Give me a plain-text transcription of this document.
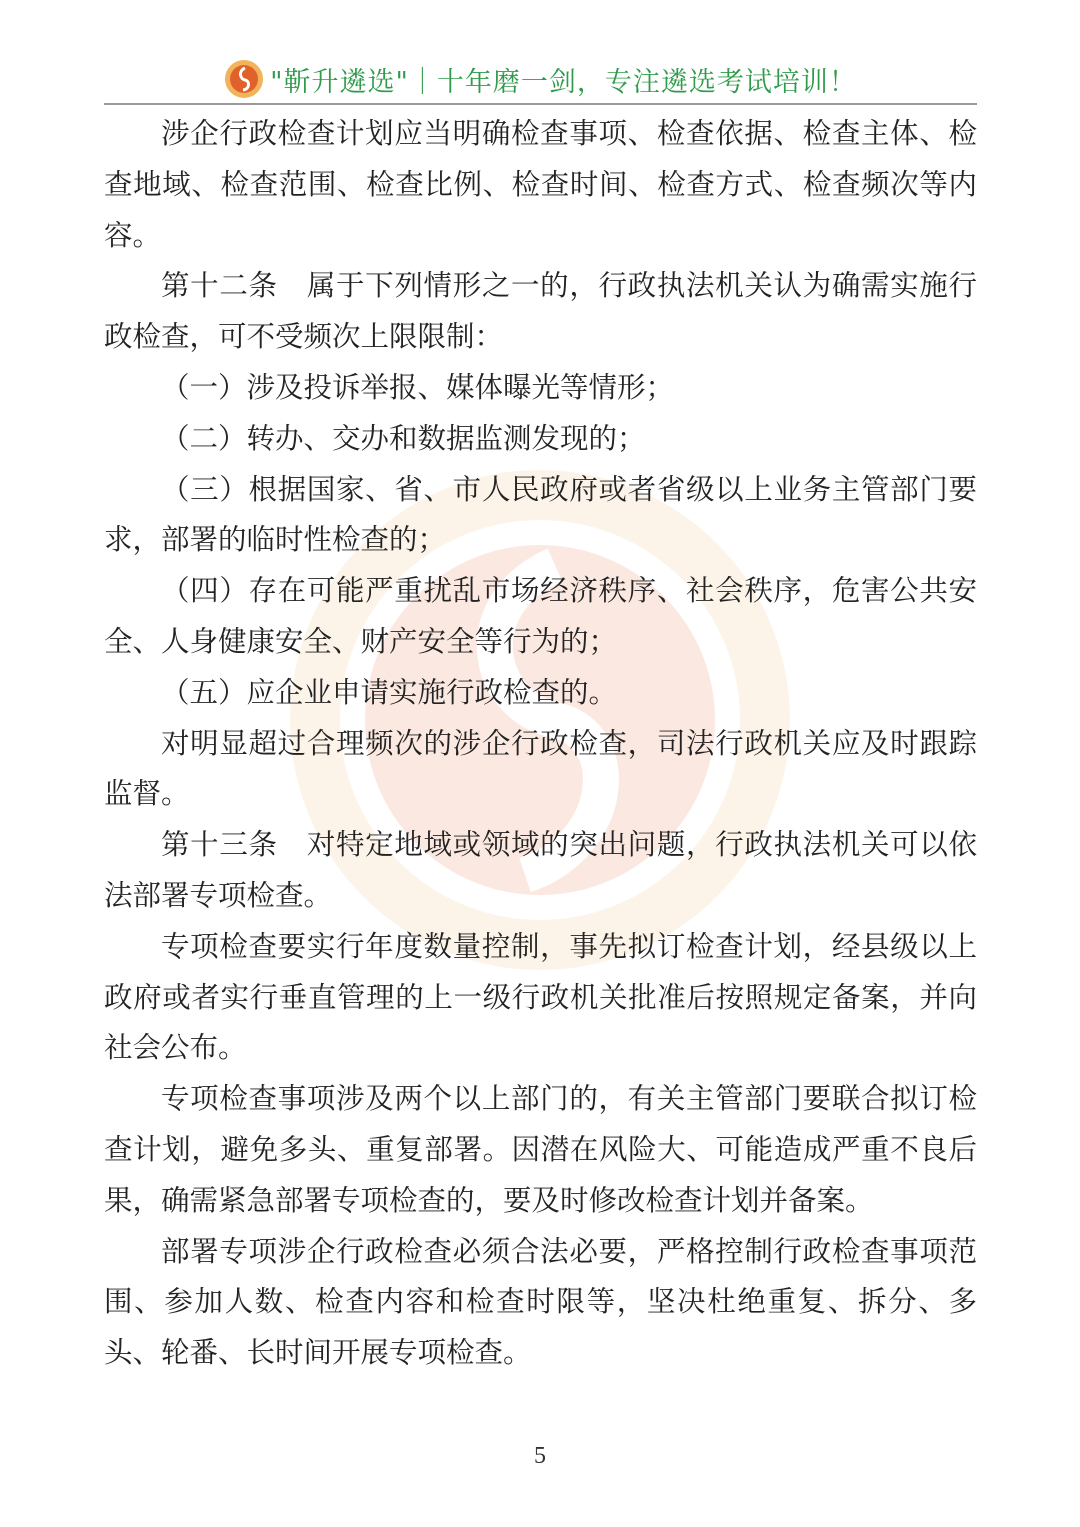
"靳升遴选"｜十年磨一剑，专注遴选考试培训！

涉企行政检查计划应当明确检查事项、检查依据、检查主体、检查地域、检查范围、检查比例、检查时间、检查方式、检查频次等内容。

第十二条　属于下列情形之一的，行政执法机关认为确需实施行政检查，可不受频次上限限制：

（一）涉及投诉举报、媒体曝光等情形；

（二）转办、交办和数据监测发现的；

（三）根据国家、省、市人民政府或者省级以上业务主管部门要求，部署的临时性检查的；

（四）存在可能严重扰乱市场经济秩序、社会秩序，危害公共安全、人身健康安全、财产安全等行为的；

（五）应企业申请实施行政检查的。

对明显超过合理频次的涉企行政检查，司法行政机关应及时跟踪监督。

第十三条　对特定地域或领域的突出问题，行政执法机关可以依法部署专项检查。

专项检查要实行年度数量控制，事先拟订检查计划，经县级以上政府或者实行垂直管理的上一级行政机关批准后按照规定备案，并向社会公布。

专项检查事项涉及两个以上部门的，有关主管部门要联合拟订检查计划，避免多头、重复部署。因潜在风险大、可能造成严重不良后果，确需紧急部署专项检查的，要及时修改检查计划并备案。

部署专项涉企行政检查必须合法必要，严格控制行政检查事项范围、参加人数、检查内容和检查时限等，坚决杜绝重复、拆分、多头、轮番、长时间开展专项检查。

5
